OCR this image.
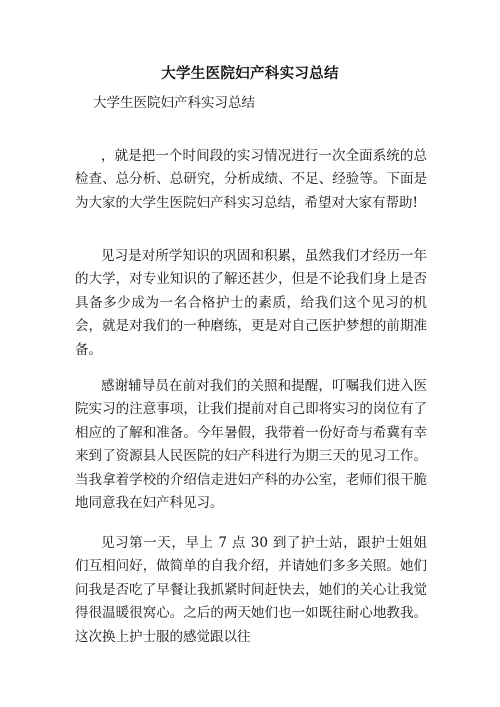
大学生医院妇产科实习总结
大学生医院妇产科实习总结

，就是把一个时间段的实习情况进行一次全面系统的总检查、总分析、总研究，分析成绩、不足、经验等。下面是为大家的大学生医院妇产科实习总结，希望对大家有帮助!

见习是对所学知识的巩固和积累，虽然我们才经历一年的大学，对专业知识的了解还甚少，但是不论我们身上是否具备多少成为一名合格护士的素质，给我们这个见习的机会，就是对我们的一种磨练，更是对自己医护梦想的前期准备。

感谢辅导员在前对我们的关照和提醒，叮嘱我们进入医院实习的注意事项，让我们提前对自己即将实习的岗位有了相应的了解和准备。今年暑假，我带着一份好奇与希冀有幸来到了资源县人民医院的妇产科进行为期三天的见习工作。当我拿着学校的介绍信走进妇产科的办公室，老师们很干脆地同意我在妇产科见习。

见习第一天，早上 7 点 30 到了护士站，跟护士姐姐们互相问好，做简单的自我介绍，并请她们多多关照。她们问我是否吃了早餐让我抓紧时间赶快去，她们的关心让我觉得很温暖很窝心。之后的两天她们也一如既往耐心地教我。这次换上护士服的感觉跟以往
